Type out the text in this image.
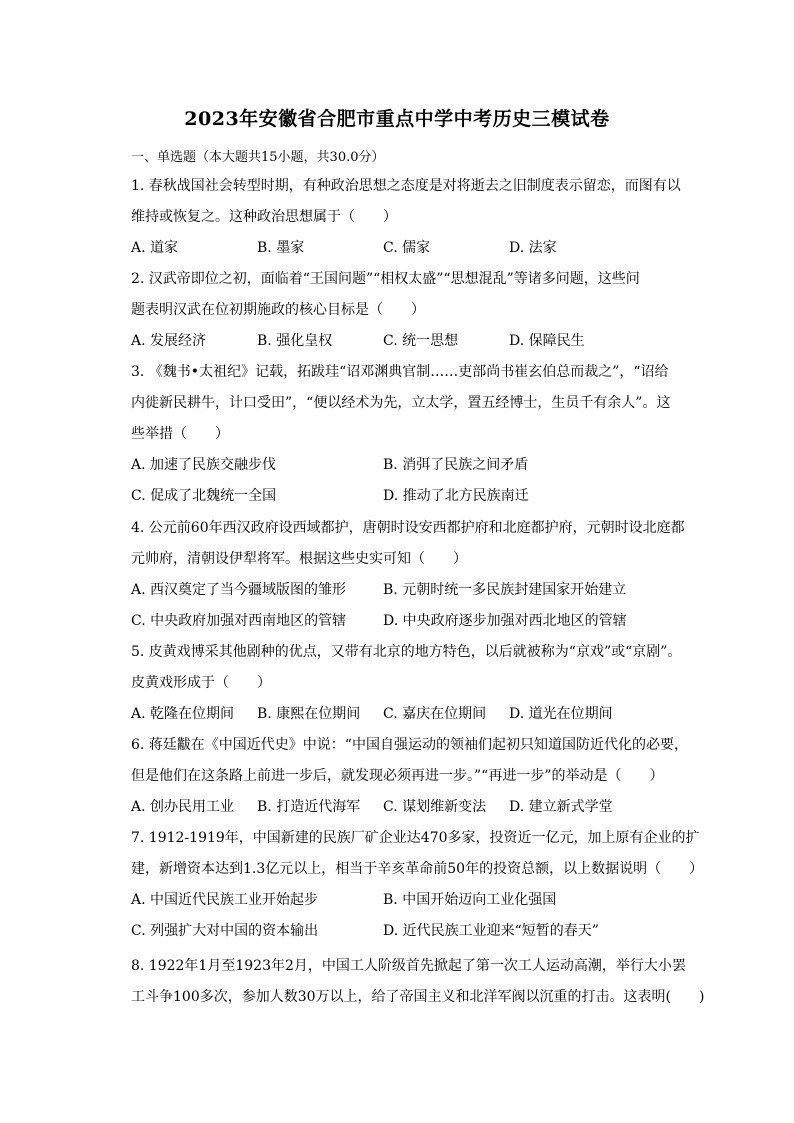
2023年安徽省合肥市重点中学中考历史三模试卷
一、单选题（本大题共15小题，共30.0分）
1. 春秋战国社会转型时期，有种政治思想之态度是对将逝去之旧制度表示留恋，而图有以
维持或恢复之。这种政治思想属于（　　）
A. 道家	B. 墨家	C. 儒家	D. 法家
2. 汉武帝即位之初，面临着“王国问题”“相权太盛”“思想混乱”等诸多问题，这些问
题表明汉武在位初期施政的核心目标是（　　）
A. 发展经济	B. 强化皇权	C. 统一思想	D. 保障民生
3. 《魏书•太祖纪》记载，拓跋珪“诏邓渊典官制……吏部尚书崔玄伯总而裁之”，“诏给
内徙新民耕牛，计口受田”，“便以经术为先，立太学，置五经博士，生员千有余人”。这
些举措（　　）
A. 加速了民族交融步伐	B. 消弭了民族之间矛盾
C. 促成了北魏统一全国	D. 推动了北方民族南迁
4. 公元前60年西汉政府设西域都护，唐朝时设安西都护府和北庭都护府，元朝时设北庭都
元帅府，清朝设伊犁将军。根据这些史实可知（　　）
A. 西汉奠定了当今疆域版图的雏形	B. 元朝时统一多民族封建国家开始建立
C. 中央政府加强对西南地区的管辖	D. 中央政府逐步加强对西北地区的管辖
5. 皮黄戏博采其他剧种的优点，又带有北京的地方特色，以后就被称为“京戏”或“京剧”。
皮黄戏形成于（　　）
A. 乾隆在位期间 B. 康熙在位期间 C. 嘉庆在位期间 D. 道光在位期间
6. 蒋廷黻在《中国近代史》中说：“中国自强运动的领袖们起初只知道国防近代化的必要，
但是他们在这条路上前进一步后，就发现必须再进一步。”“再进一步”的举动是（　　）
A. 创办民用工业 B. 打造近代海军 C. 谋划维新变法 D. 建立新式学堂
7. 1912-1919年，中国新建的民族厂矿企业达470多家，投资近一亿元，加上原有企业的扩
建，新增资本达到1.3亿元以上，相当于辛亥革命前50年的投资总额，以上数据说明（　　）
A. 中国近代民族工业开始起步	B. 中国开始迈向工业化强国
C. 列强扩大对中国的资本输出	D. 近代民族工业迎来“短暂的春天”
8. 1922年1月至1923年2月，中国工人阶级首先掀起了第一次工人运动高潮，举行大小罢
工斗争100多次，参加人数30万以上，给了帝国主义和北洋军阀以沉重的打击。这表明(　　)
